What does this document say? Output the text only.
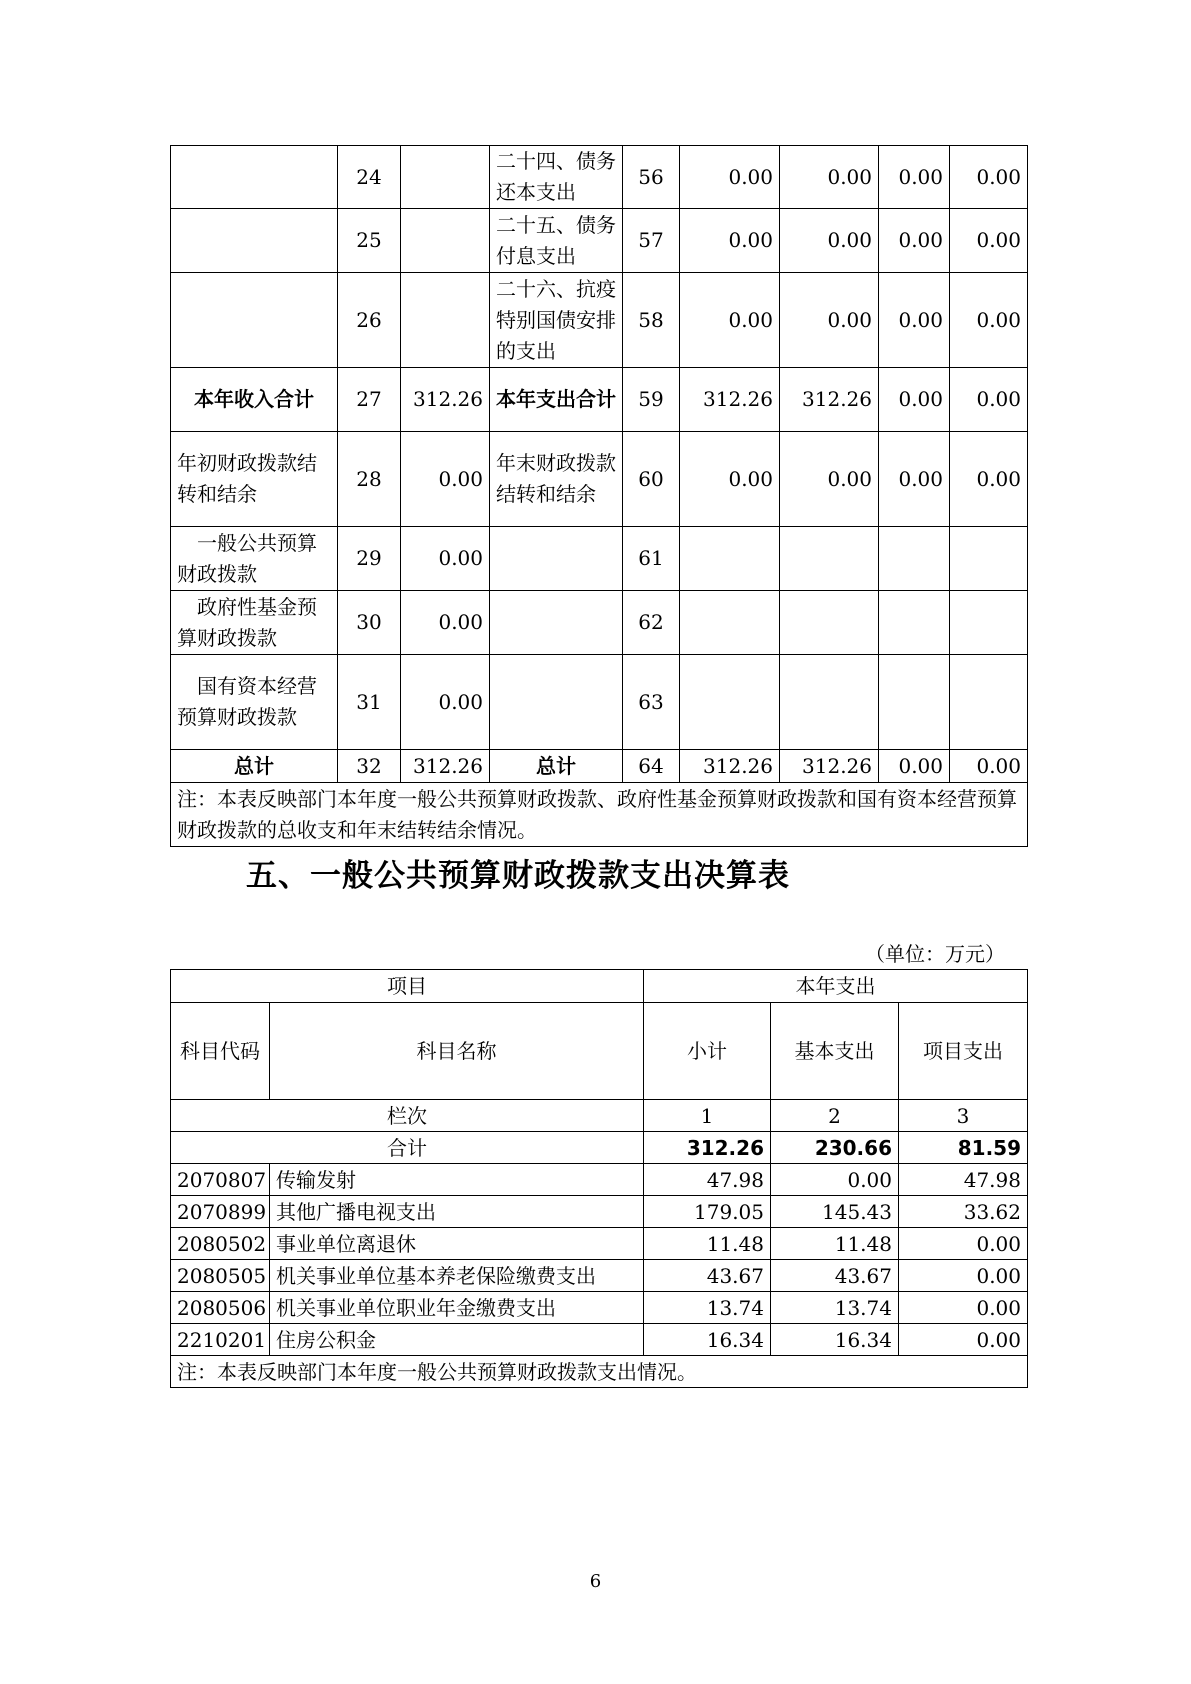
	24		二十四、债务还本支出	56	0.00	0.00	0.00	0.00
	25		二十五、债务付息支出	57	0.00	0.00	0.00	0.00
	26		二十六、抗疫特别国债安排的支出	58	0.00	0.00	0.00	0.00
本年收入合计	27	312.26	本年支出合计	59	312.26	312.26	0.00	0.00
年初财政拨款结转和结余	28	0.00	年末财政拨款结转和结余	60	0.00	0.00	0.00	0.00
一般公共预算财政拨款	29	0.00		61				
政府性基金预算财政拨款	30	0.00		62				
国有资本经营预算财政拨款	31	0.00		63				
总计	32	312.26	总计	64	312.26	312.26	0.00	0.00
注：本表反映部门本年度一般公共预算财政拨款、政府性基金预算财政拨款和国有资本经营预算财政拨款的总收支和年末结转结余情况。								
五、一般公共预算财政拨款支出决算表
（单位：万元）
项目		本年支出		
科目代码	科目名称	小计	基本支出	项目支出
栏次		1	2	3
合计		312.26	230.66	81.59
2070807	传输发射	47.98	0.00	47.98
2070899	其他广播电视支出	179.05	145.43	33.62
2080502	事业单位离退休	11.48	11.48	0.00
2080505	机关事业单位基本养老保险缴费支出	43.67	43.67	0.00
2080506	机关事业单位职业年金缴费支出	13.74	13.74	0.00
2210201	住房公积金	16.34	16.34	0.00
注：本表反映部门本年度一般公共预算财政拨款支出情况。				
6
